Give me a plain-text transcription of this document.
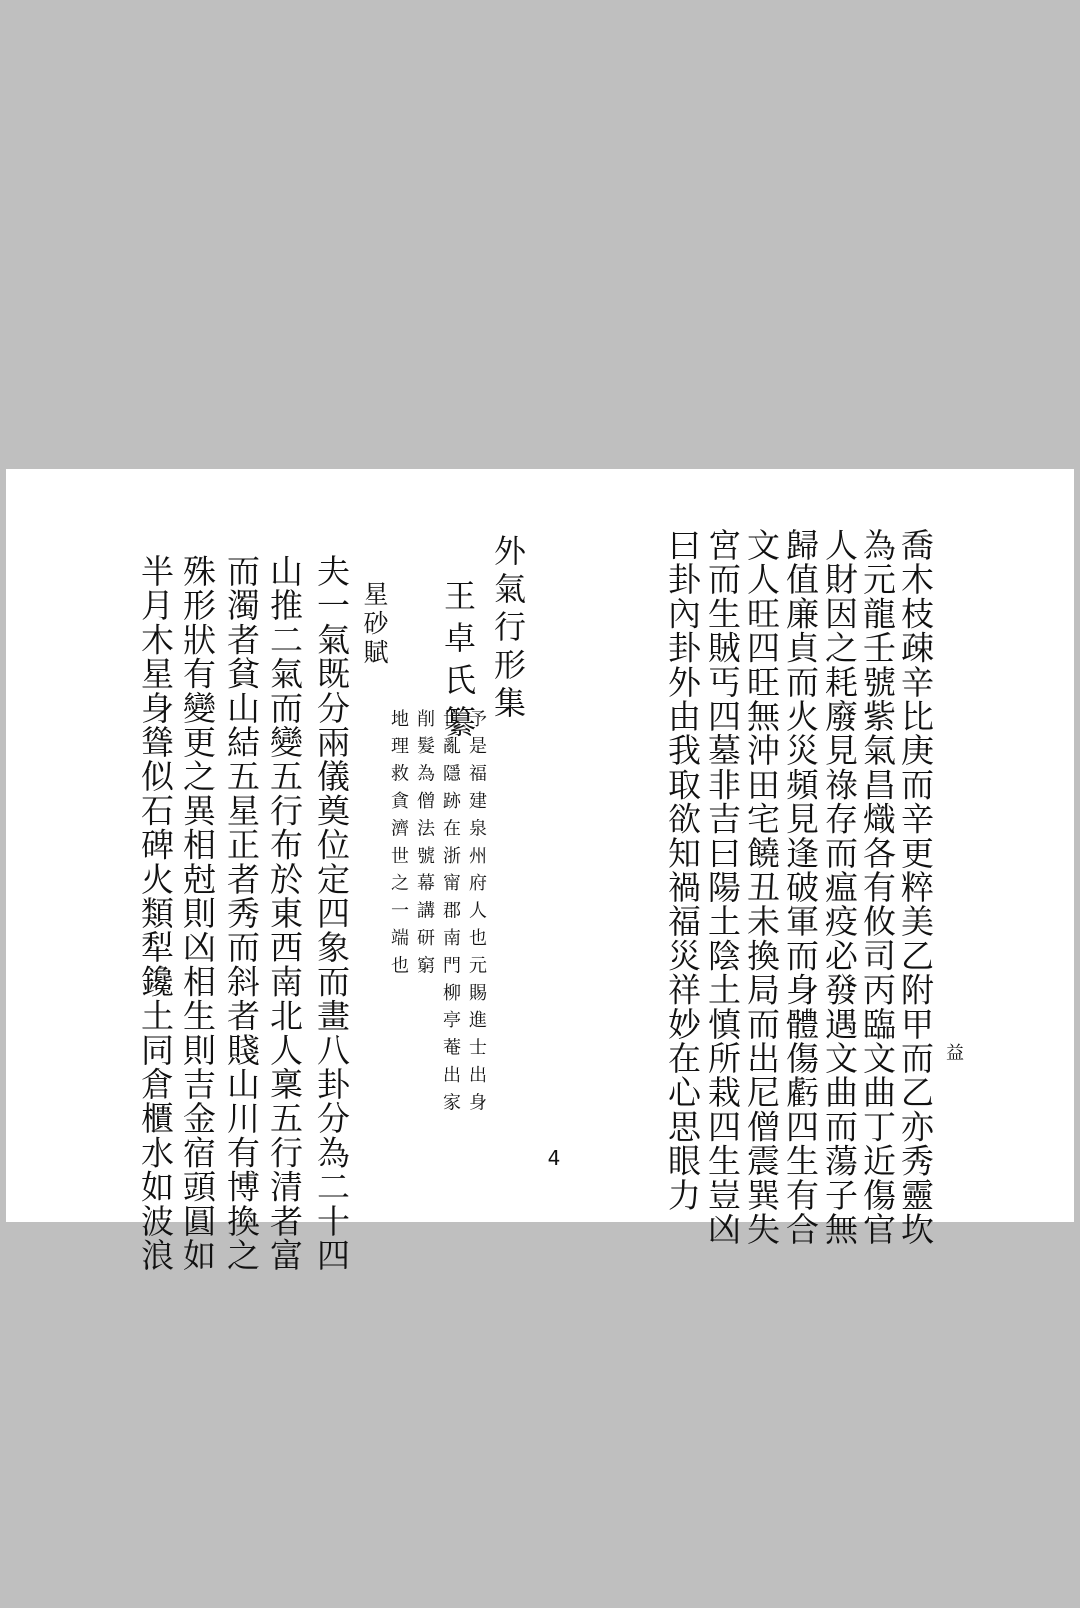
喬木枝疎辛比庚而辛更粹美乙附甲而乙亦秀靈坎
為元龍壬號紫氣昌熾各有攸司丙臨文曲丁近傷官
人財因之耗廢見祿存而瘟疫必發遇文曲而蕩子無
歸值廉貞而火災頻見逢破軍而身體傷虧四生有合
文人旺四旺無沖田宅饒丑未換局而出尼僧震巽失
宮而生賊丐四墓非吉曰陽土陰土慎所栽四生豈凶
曰卦內卦外由我取欲知禍福災祥妙在心思眼力	益
外氣行形集
王卓氏纂
予是福建泉州府人也元賜進士出身
世亂隱跡在浙甯郡南門柳亭菴出家
削髮為僧法號幕講研窮
地理救貪濟世之一端也
星砂賦
夫一氣既分兩儀奠位定四象而畫八卦分為二十四
山推二氣而變五行布於東西南北人稟五行清者富
而濁者貧山結五星正者秀而斜者賤山川有博換之
殊形狀有變更之異相尅則凶相生則吉金宿頭圓如
半月木星身聳似石碑火類犁鑱土同倉櫃水如波浪	4
